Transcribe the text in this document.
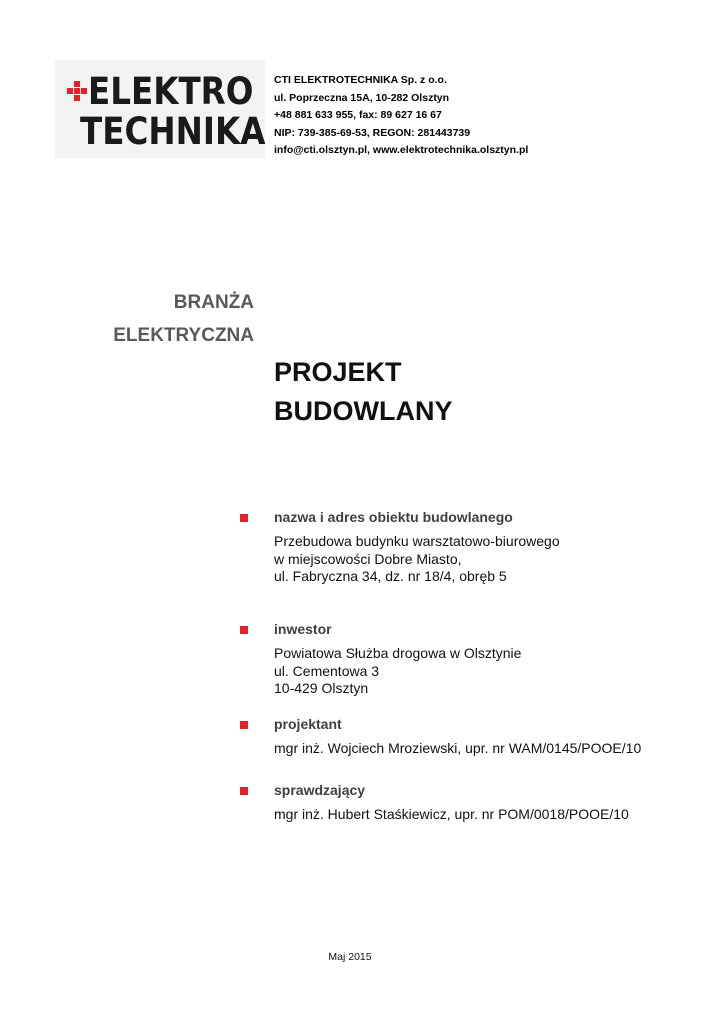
ELEKTRO
TECHNIKA
CTI ELEKTROTECHNIKA Sp. z o.o.
ul. Poprzeczna 15A, 10-282 Olsztyn
+48 881 633 955, fax: 89 627 16 67
NIP: 739-385-69-53, REGON: 281443739
info@cti.olsztyn.pl, www.elektrotechnika.olsztyn.pl
BRANŻA
ELEKTRYCZNA
PROJEKT
BUDOWLANY
nazwa i adres obiektu budowlanego
Przebudowa budynku warsztatowo-biurowego
w miejscowości Dobre Miasto,
ul. Fabryczna 34, dz. nr 18/4, obręb 5
inwestor
Powiatowa Służba drogowa w Olsztynie
ul. Cementowa 3
10-429 Olsztyn
projektant
mgr inż. Wojciech Mroziewski, upr. nr WAM/0145/POOE/10
sprawdzający
mgr inż. Hubert Staśkiewicz, upr. nr POM/0018/POOE/10
Maj 2015
